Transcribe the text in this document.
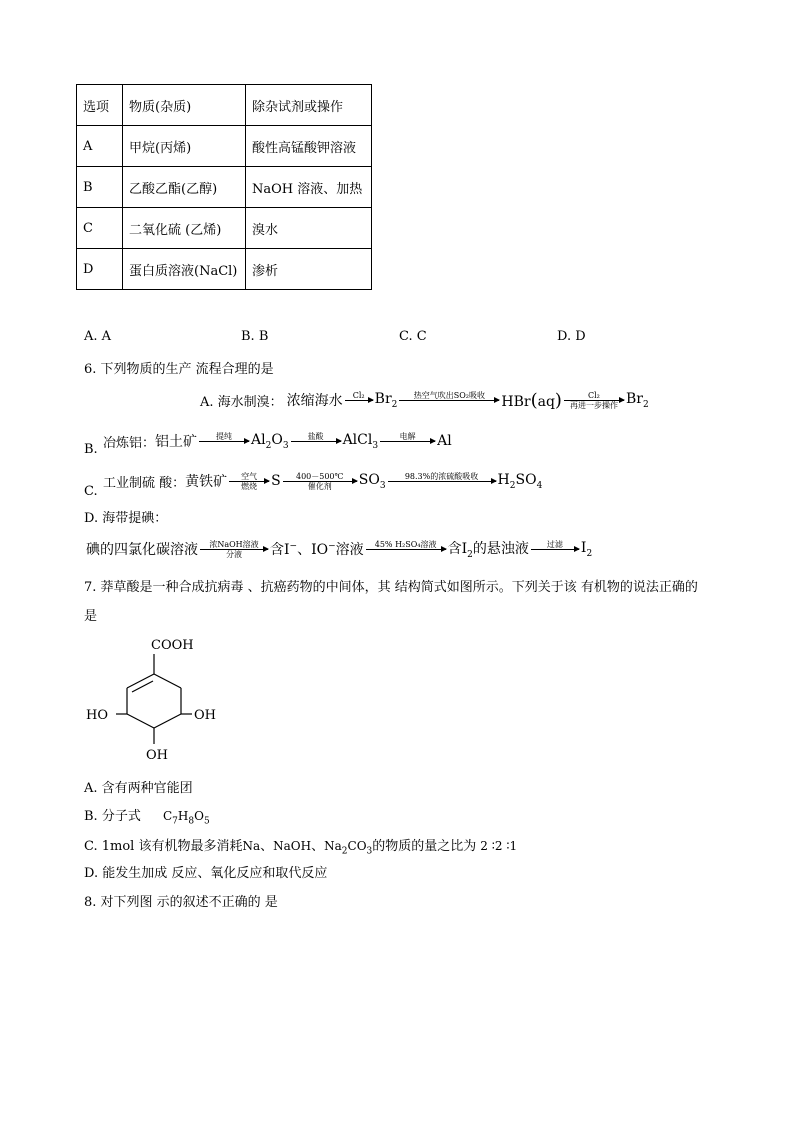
选项	物质(杂质)	除杂试剂或操作
A	甲烷(丙烯)	酸性高锰酸钾溶液
B	乙酸乙酯(乙醇)	NaOH 溶液、加热
C	二氧化硫 (乙烯)	溴水
D	蛋白质溶液(NaCl)	渗析
A. A	B. B	C. C	D. D
6. 下列物质的生产 流程合理的是
A. 海水制溴： 浓缩海水	Cl₂
$Br_2$
热空气吹出SO₂吸收
	HBr(aq)	Cl₂
再进一步操作 $Br_2$
B. 冶炼铝： 铝土矿	提纯
	$Al_2O_3$
盐酸
	AlCl$_3$
电解
	Al
C.
工业制硫 酸： 黄铁矿	空气
燃烧	S	400－500℃
催化剂	$SO_3$
98.3%的浓硫酸吸收
	$H_2SO_4$
D. 海带提碘：
碘的四氯化碳溶液	浓NaOH溶液
分液	含I−、IO−溶液	45% H₂SO₄溶液
含$I_2$的悬浊液	过滤
	$I_2$
7. 莽草酸是一种合成抗病毒 、抗癌药物的中间体，其 结构简式如图所示。下列关于该 有机物的说法正确的
是
COOH
HO	OH
OH
A. 含有两种官能团
B. 分子式 $C_7H_8O_5$
C. 1mol 该有机物最多消耗Na、NaOH、$Na_2CO_3$的物质的量之比为 2 ∶2 ∶1
D. 能发生加成 反应、氧化反应和取代反应
8. 对下列图 示的叙述不正确的 是
